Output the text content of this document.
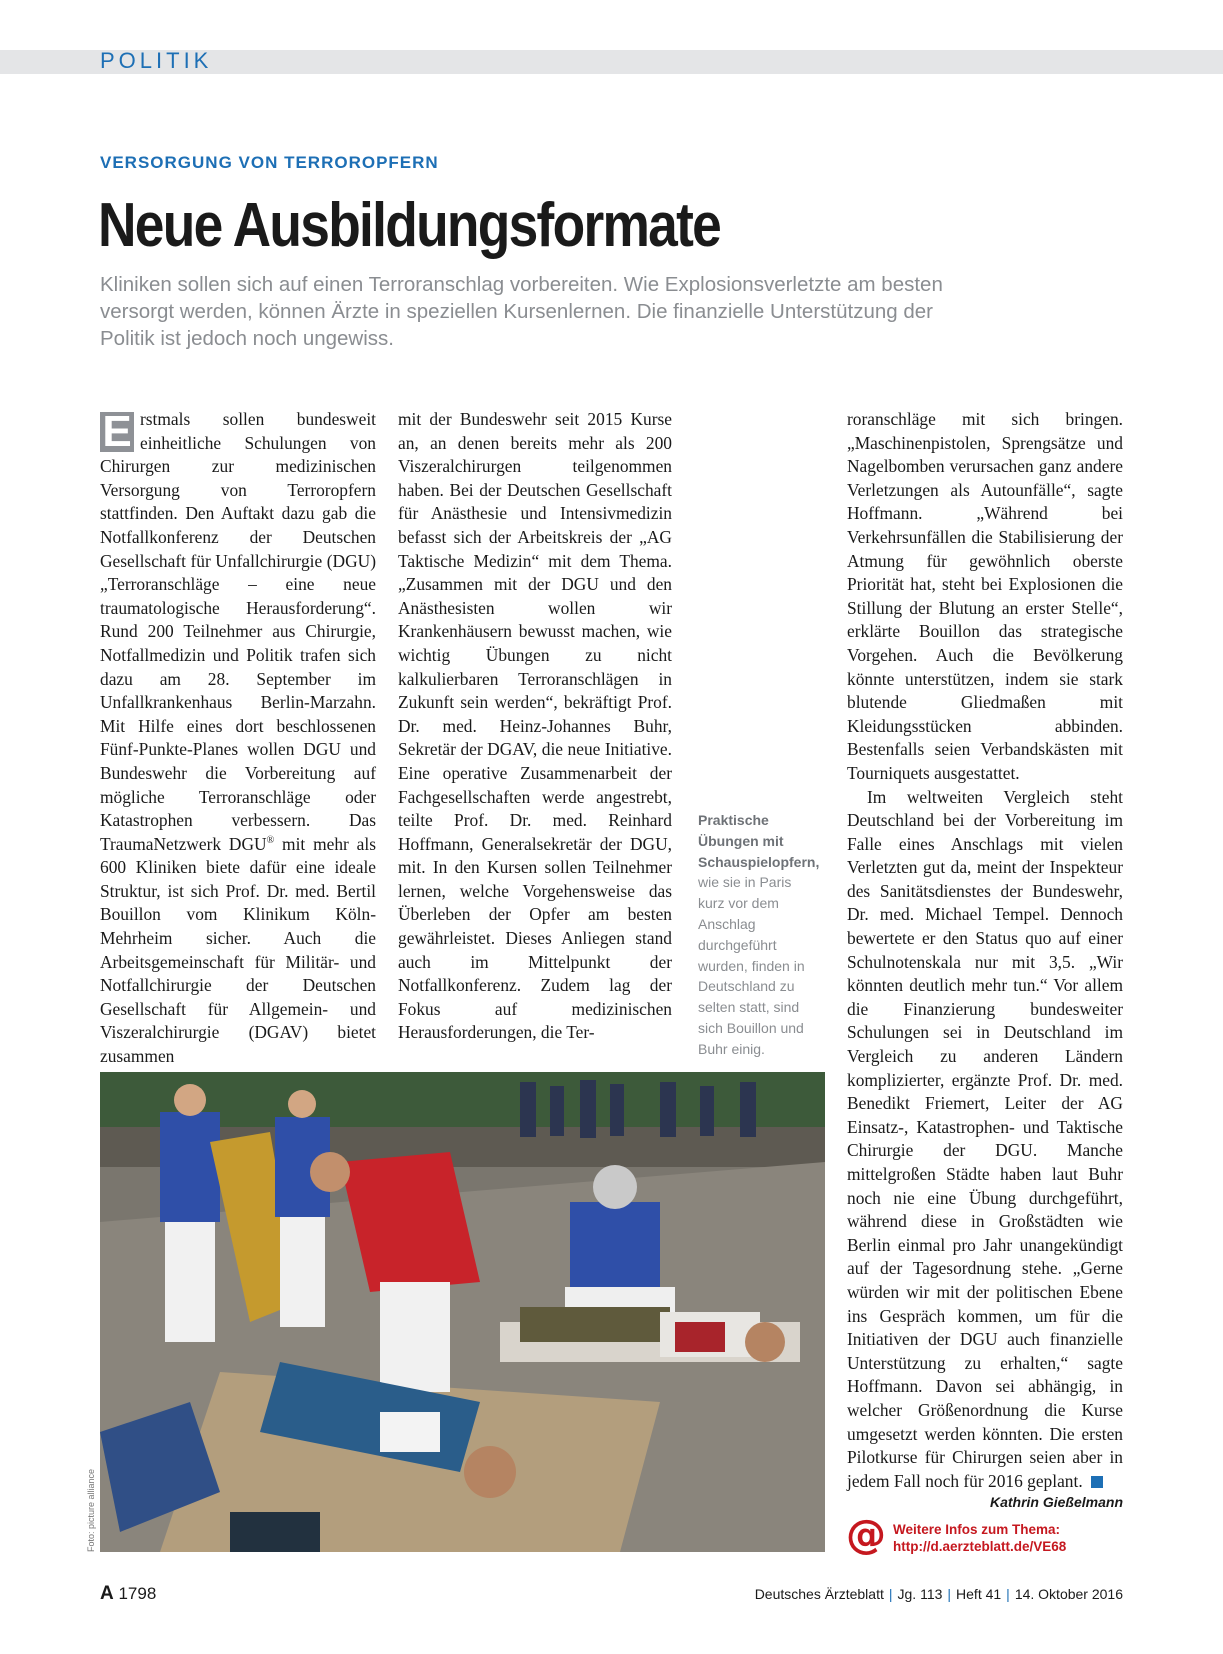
POLITIK
VERSORGUNG VON TERROROPFERN
Neue Ausbildungsformate

Kliniken sollen sich auf einen Terroranschlag vorbereiten. Wie Explosionsverletzte am besten versorgt werden, können Ärzte in speziellen Kursenlernen. Die finanzielle Unterstützung der Politik ist jedoch noch ungewiss.

E rstmals sollen bundesweit einheitliche Schulungen von Chirurgen zur medizinischen Versorgung von Terroropfern stattfinden. Den Auftakt dazu gab die Notfallkonferenz der Deutschen Gesellschaft für Unfallchirurgie (DGU) „Terroranschläge – eine neue traumatologische Herausforderung“. Rund 200 Teilnehmer aus Chirurgie, Notfallmedizin und Politik trafen sich dazu am 28. September im Unfallkrankenhaus Berlin-Marzahn. Mit Hilfe eines dort beschlossenen Fünf-Punkte-Planes wollen DGU und Bundeswehr die Vorbereitung auf mögliche Terroranschläge oder Katastrophen verbessern. Das TraumaNetzwerk DGU® mit mehr als 600 Kliniken biete dafür eine ideale Struktur, ist sich Prof. Dr. med. Bertil Bouillon vom Klinikum Köln-Mehrheim sicher. Auch die Arbeitsgemeinschaft für Militär- und Notfallchirurgie der Deutschen Gesellschaft für Allgemein- und Viszeralchirurgie (DGAV) bietet zusammen

mit der Bundeswehr seit 2015 Kurse an, an denen bereits mehr als 200 Viszeralchirurgen teilgenommen haben. Bei der Deutschen Gesellschaft für Anästhesie und Intensivmedizin befasst sich der Arbeitskreis der „AG Taktische Medizin“ mit dem Thema. „Zusammen mit der DGU und den Anästhesisten wollen wir Krankenhäusern bewusst machen, wie wichtig Übungen zu nicht kalkulierbaren Terroranschlägen in Zukunft sein werden“, bekräftigt Prof. Dr. med. Heinz-Johannes Buhr, Sekretär der DGAV, die neue Initiative. Eine operative Zusammenarbeit der Fachgesellschaften werde angestrebt, teilte Prof. Dr. med. Reinhard Hoffmann, Generalsekretär der DGU, mit. In den Kursen sollen Teilnehmer lernen, welche Vorgehensweise das Überleben der Opfer am besten gewährleistet. Dieses Anliegen stand auch im Mittelpunkt der Notfallkonferenz. Zudem lag der Fokus auf medizinischen Herausforderungen, die Ter-

Praktische Übungen mit Schauspielopfern, wie sie in Paris kurz vor dem Anschlag durchgeführt wurden, finden in Deutschland zu selten statt, sind sich Bouillon und Buhr einig.

roranschläge mit sich bringen. „Maschinenpistolen, Sprengsätze und Nagelbomben verursachen ganz andere Verletzungen als Autounfälle“, sagte Hoffmann. „Während bei Verkehrsunfällen die Stabilisierung der Atmung für gewöhnlich oberste Priorität hat, steht bei Explosionen die Stillung der Blutung an erster Stelle“, erklärte Bouillon das strategische Vorgehen. Auch die Bevölkerung könnte unterstützen, indem sie stark blutende Gliedmaßen mit Kleidungsstücken abbinden. Bestenfalls seien Verbandskästen mit Tourniquets ausgestattet.

Im weltweiten Vergleich steht Deutschland bei der Vorbereitung im Falle eines Anschlags mit vielen Verletzten gut da, meint der Inspekteur des Sanitätsdienstes der Bundeswehr, Dr. med. Michael Tempel. Dennoch bewertete er den Status quo auf einer Schulnotenskala nur mit 3,5. „Wir könnten deutlich mehr tun.“ Vor allem die Finanzierung bundesweiter Schulungen sei in Deutschland im Vergleich zu anderen Ländern komplizierter, ergänzte Prof. Dr. med. Benedikt Friemert, Leiter der AG Einsatz-, Katastrophen- und Taktische Chirurgie der DGU. Manche mittelgroßen Städte haben laut Buhr noch nie eine Übung durchgeführt, während diese in Großstädten wie Berlin einmal pro Jahr unangekündigt auf der Tagesordnung stehe. „Gerne würden wir mit der politischen Ebene ins Gespräch kommen, um für die Initiativen der DGU auch finanzielle Unterstützung zu erhalten,“ sagte Hoffmann. Davon sei abhängig, in welcher Größenordnung die Kurse umgesetzt werden könnten. Die ersten Pilotkurse für Chirurgen seien aber in jedem Fall noch für 2016 geplant.

Kathrin Gießelmann
Foto: picture alliance	@ Weitere Infos zum Thema:
http://d.aerzteblatt.de/VE68
A 1798	Deutsches Ärzteblatt | Jg. 113 | Heft 41 | 14. Oktober 2016
